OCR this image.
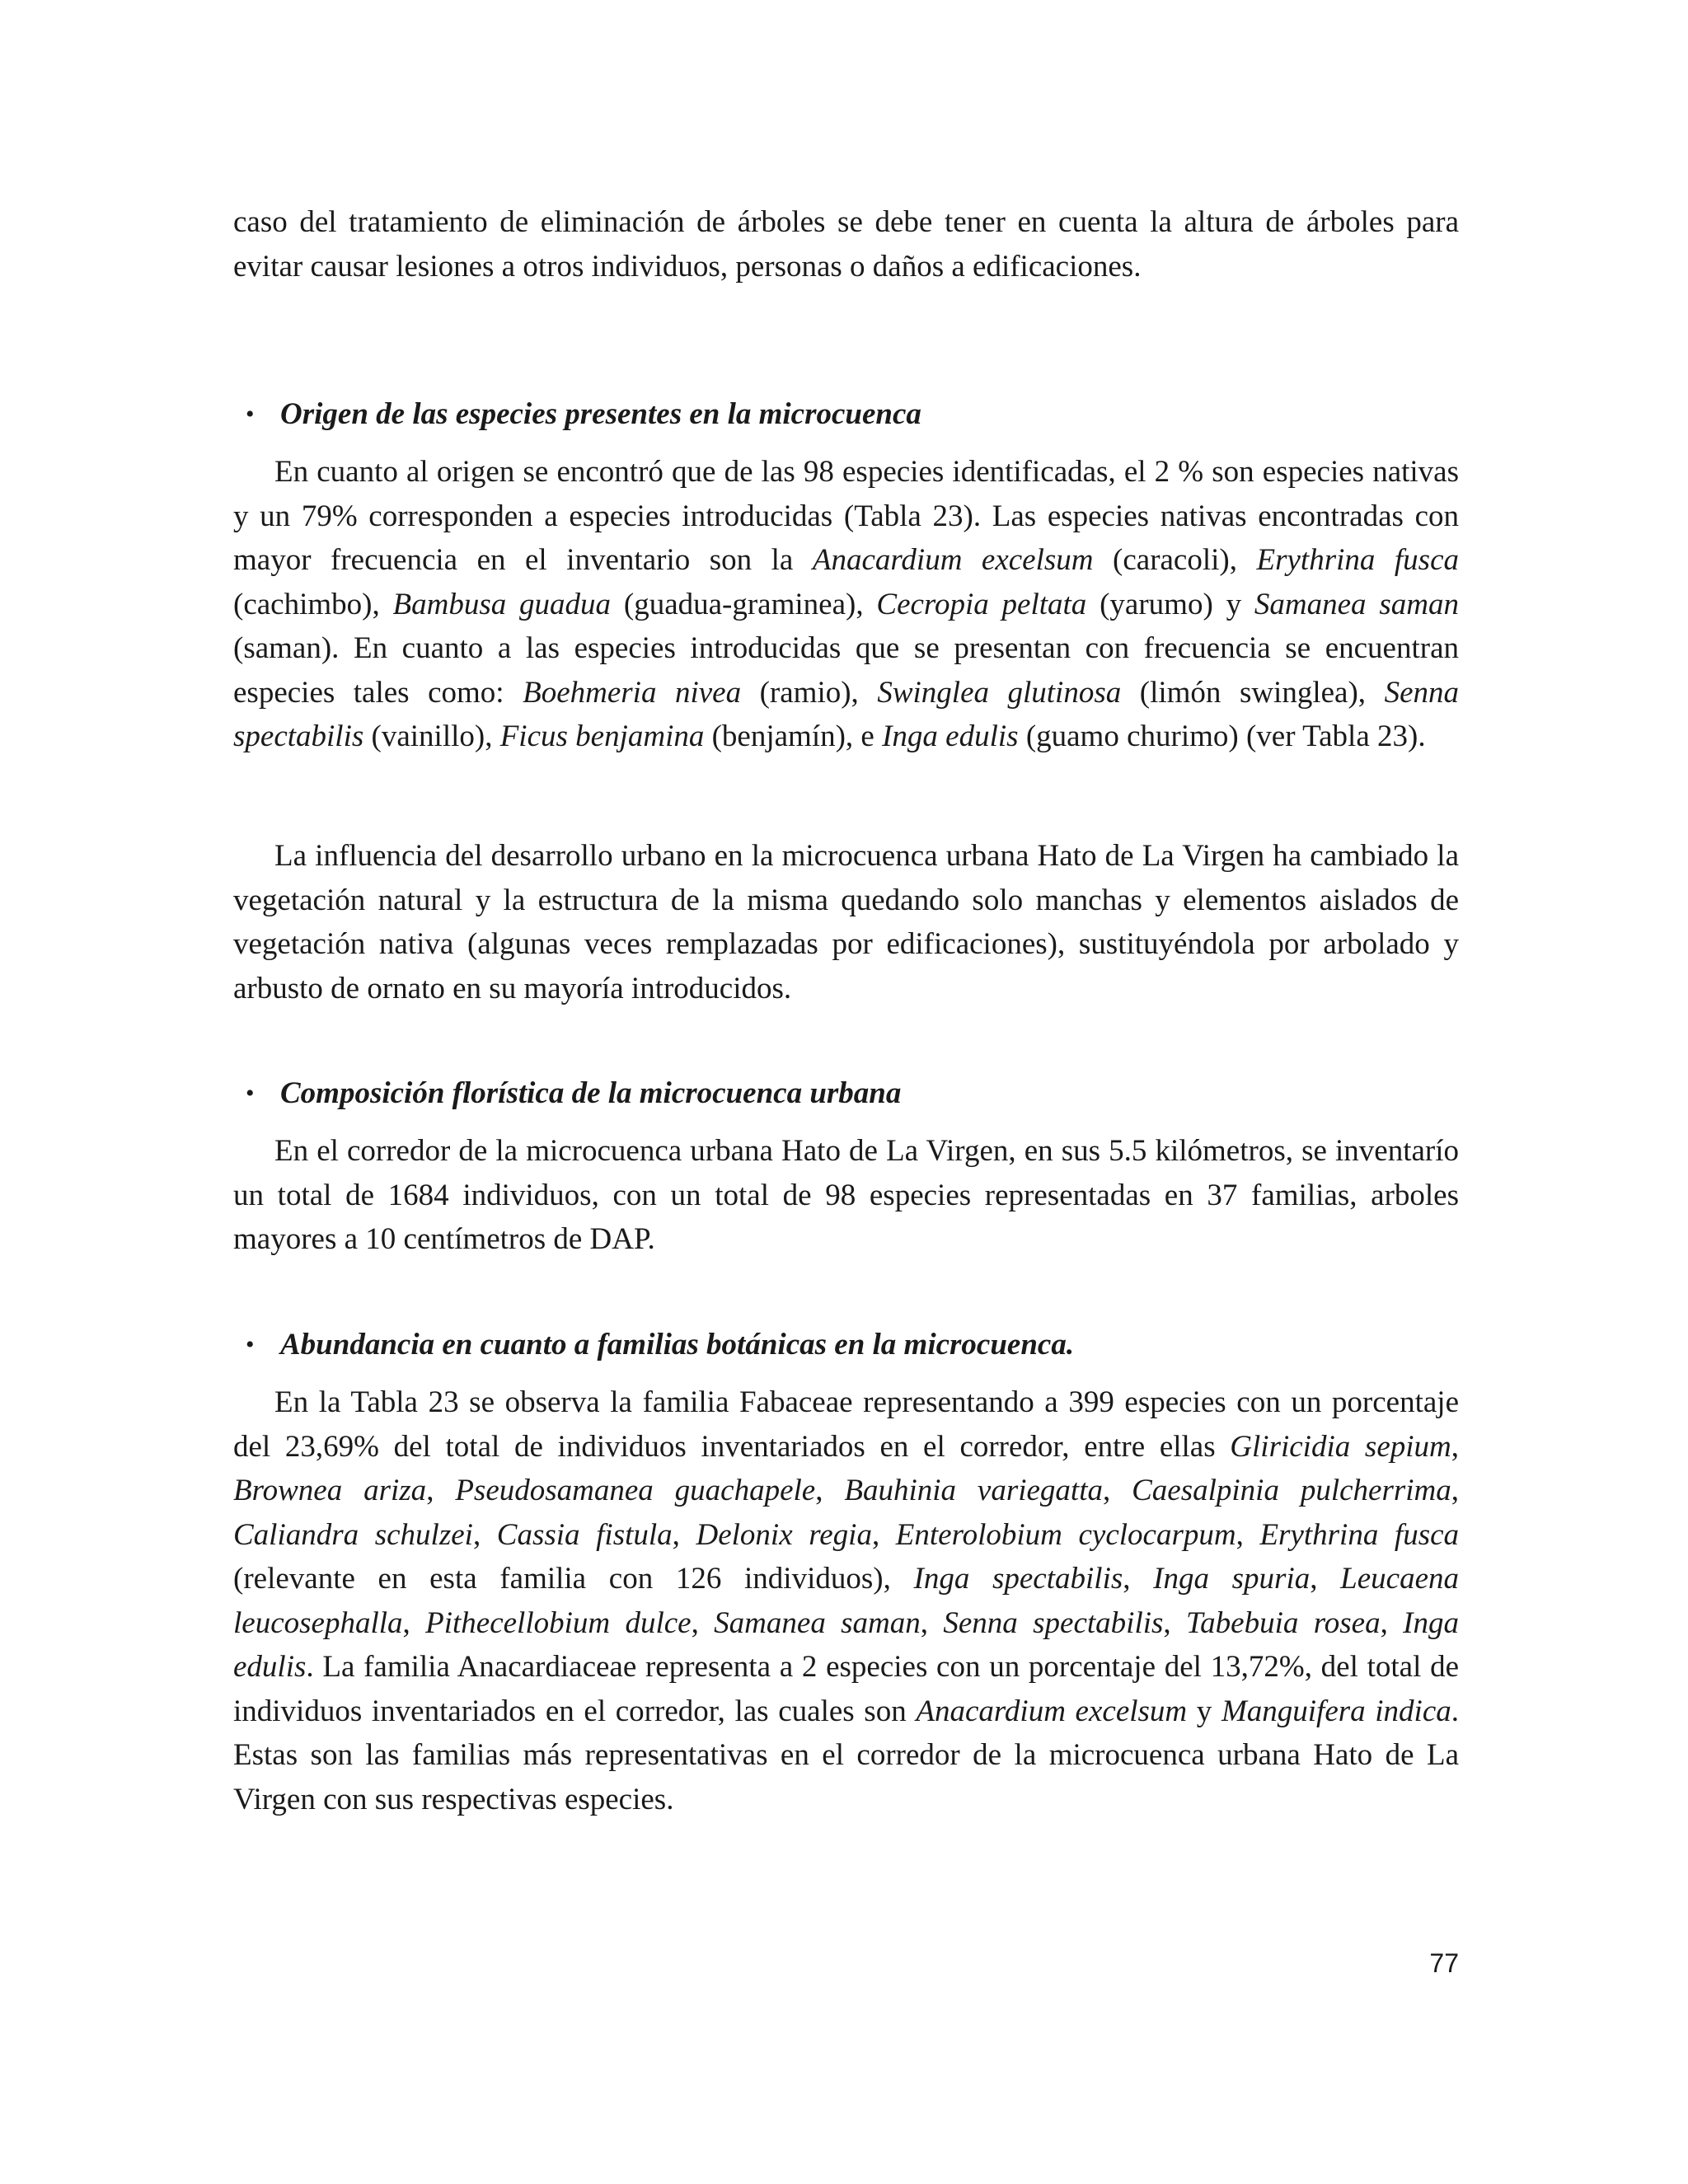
caso del tratamiento de eliminación de árboles se debe tener en cuenta la altura de árboles para evitar causar lesiones a otros individuos, personas o daños a edificaciones.

• Origen de las especies presentes en la microcuenca

En cuanto al origen se encontró que de las 98 especies identificadas, el 2 % son especies nativas y un 79% corresponden a especies introducidas (Tabla 23). Las especies nativas encontradas con mayor frecuencia en el inventario son la Anacardium excelsum (caracoli), Erythrina fusca (cachimbo), Bambusa guadua (guadua-graminea), Cecropia peltata (yarumo) y Samanea saman (saman). En cuanto a las especies introducidas que se presentan con frecuencia se encuentran especies tales como: Boehmeria nivea (ramio), Swinglea glutinosa (limón swinglea), Senna spectabilis (vainillo), Ficus benjamina (benjamín), e Inga edulis (guamo churimo) (ver Tabla 23).

La influencia del desarrollo urbano en la microcuenca urbana Hato de La Virgen ha cambiado la vegetación natural y la estructura de la misma quedando solo manchas y elementos aislados de vegetación nativa (algunas veces remplazadas por edificaciones), sustituyéndola por arbolado y arbusto de ornato en su mayoría introducidos.

• Composición florística de la microcuenca urbana

En el corredor de la microcuenca urbana Hato de La Virgen, en sus 5.5 kilómetros, se inventarío un total de 1684 individuos, con un total de 98 especies representadas en 37 familias, arboles mayores a 10 centímetros de DAP.

• Abundancia en cuanto a familias botánicas en la microcuenca.

En la Tabla 23 se observa la familia Fabaceae representando a 399 especies con un porcentaje del 23,69% del total de individuos inventariados en el corredor, entre ellas Gliricidia sepium, Brownea ariza, Pseudosamanea guachapele, Bauhinia variegatta, Caesalpinia pulcherrima, Caliandra schulzei, Cassia fistula, Delonix regia, Enterolobium cyclocarpum, Erythrina fusca (relevante en esta familia con 126 individuos), Inga spectabilis, Inga spuria, Leucaena leucosephalla, Pithecellobium dulce, Samanea saman, Senna spectabilis, Tabebuia rosea, Inga edulis. La familia Anacardiaceae representa a 2 especies con un porcentaje del 13,72%, del total de individuos inventariados en el corredor, las cuales son Anacardium excelsum y Manguifera indica. Estas son las familias más representativas en el corredor de la microcuenca urbana Hato de La Virgen con sus respectivas especies.

77
